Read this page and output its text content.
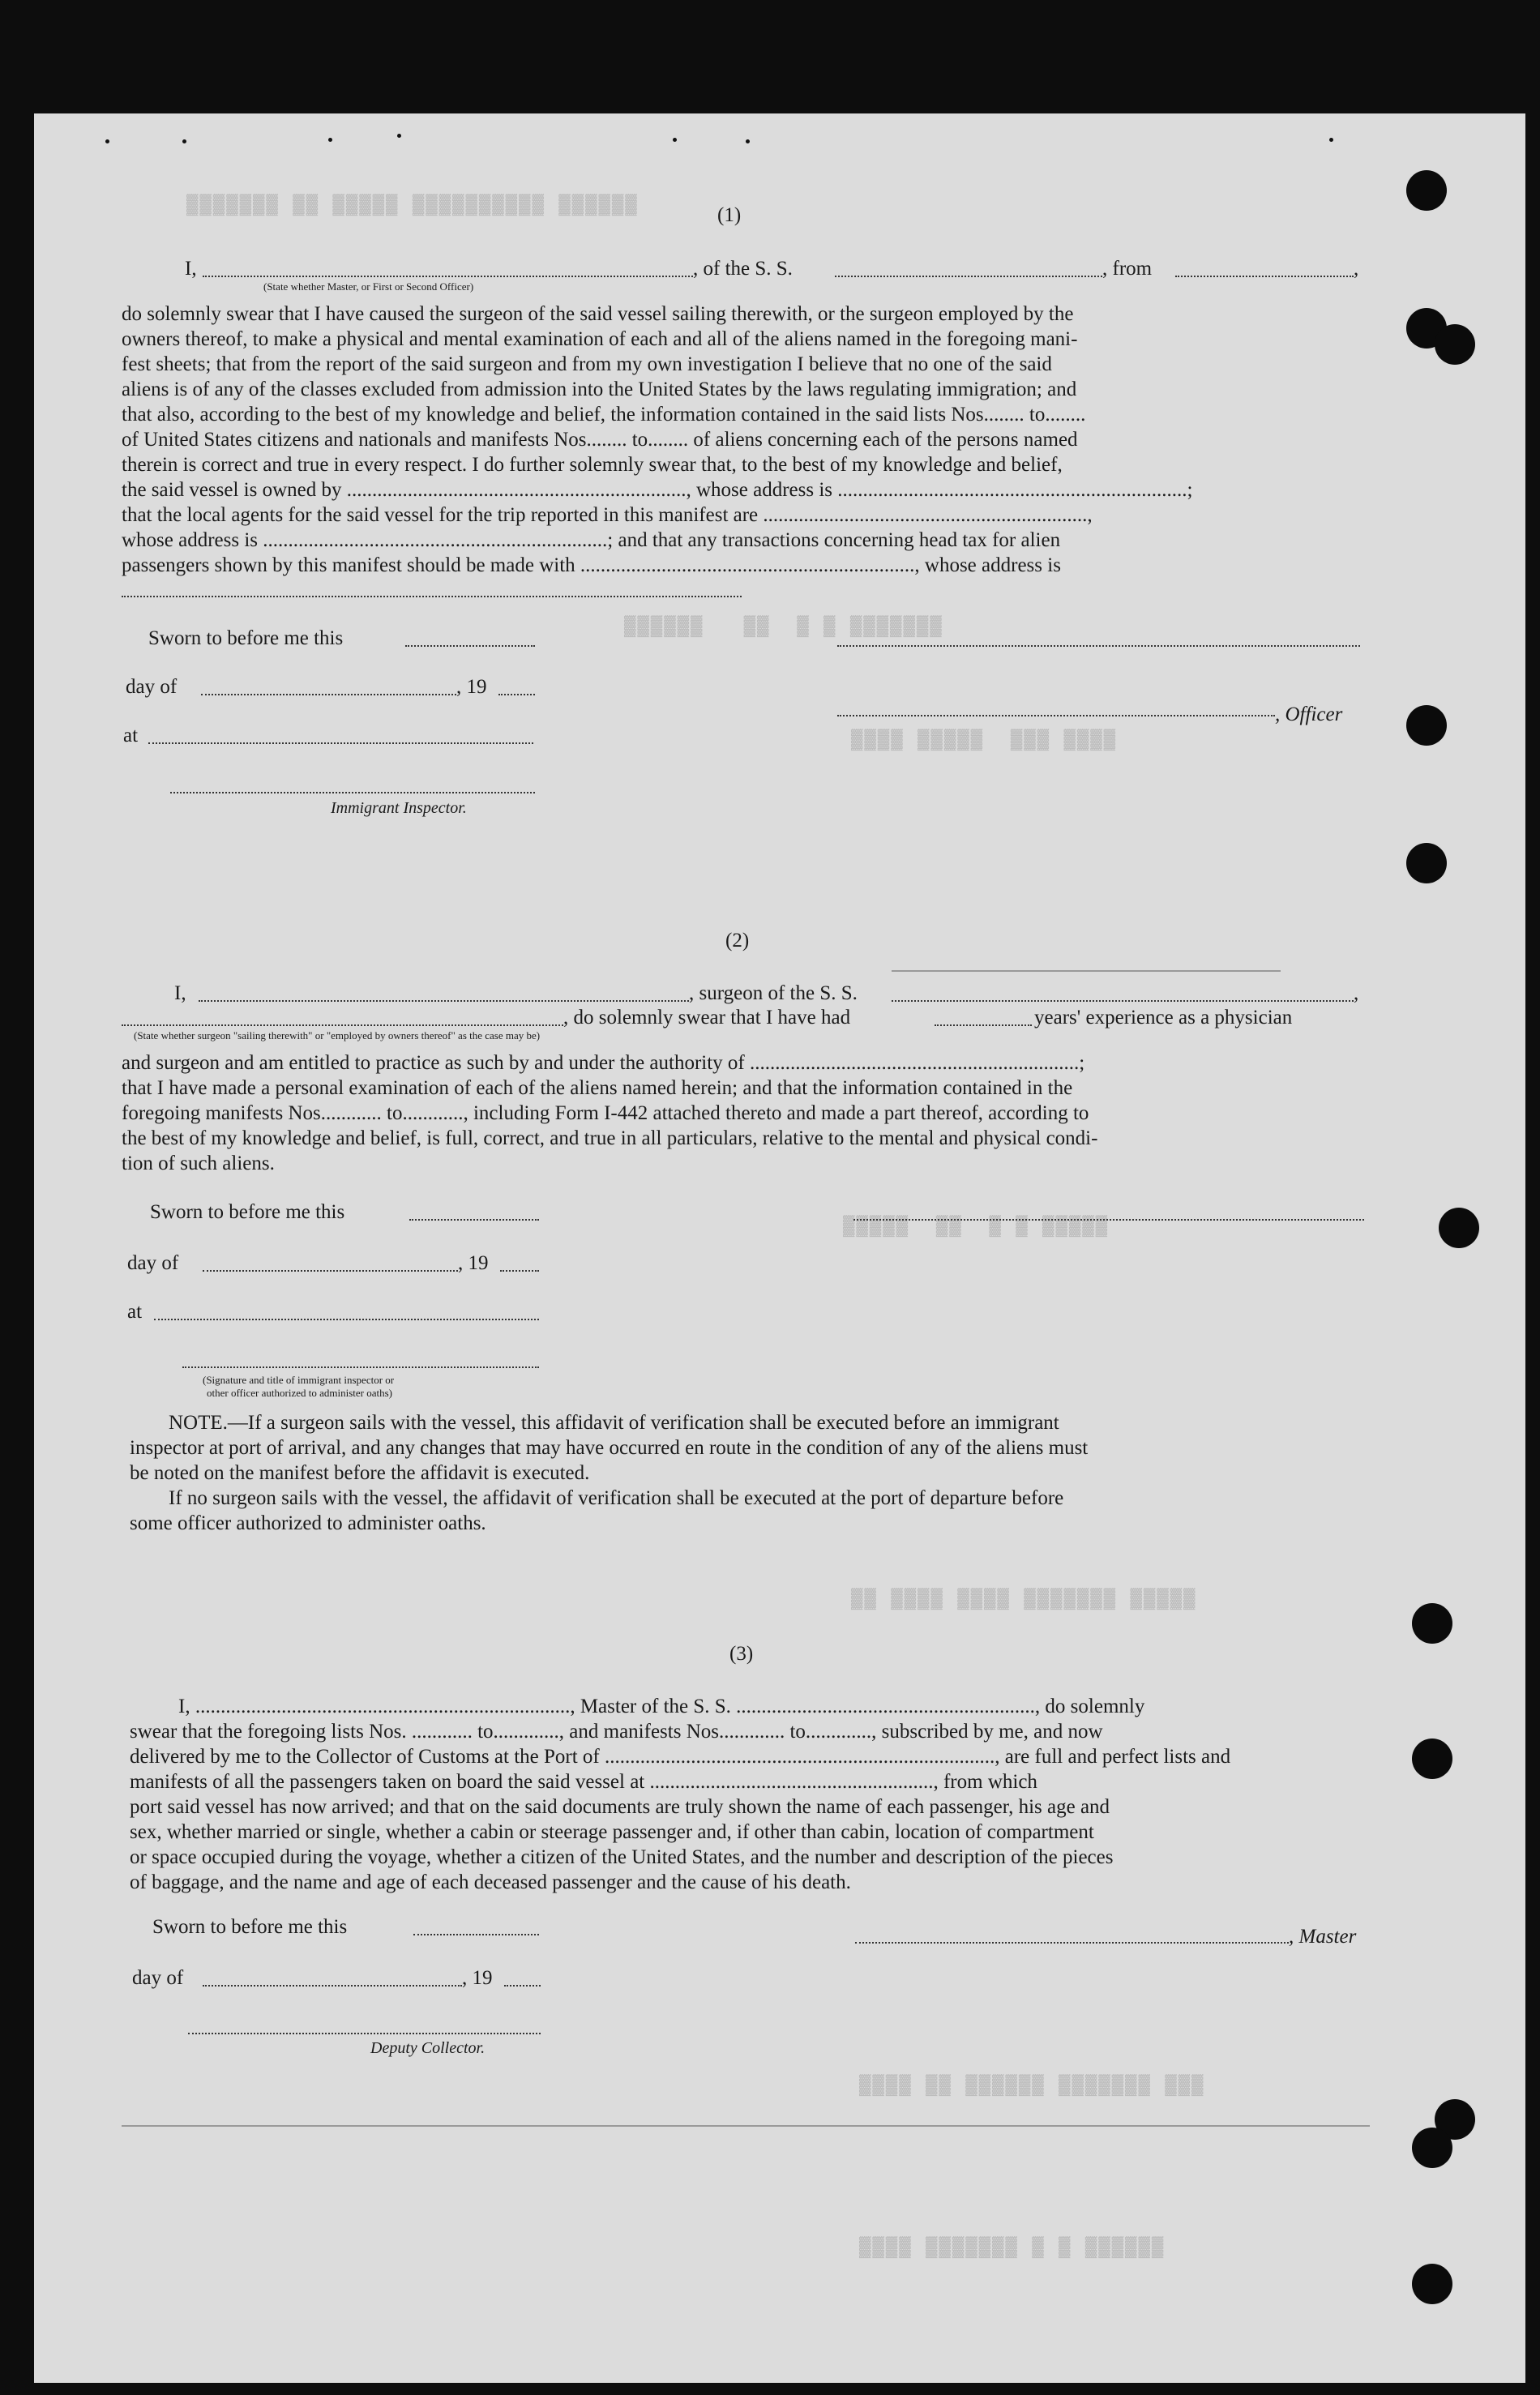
▓▓▓▓▓▓▓ ▓▓ ▓▓▓▓▓ ▓▓▓▓▓▓▓▓▓▓ ▓▓▓▓▓▓
▓▓▓▓▓▓   ▓▓  ▓ ▓ ▓▓▓▓▓▓▓
▓▓▓▓ ▓▓▓▓▓  ▓▓▓ ▓▓▓▓
▓▓▓▓▓  ▓▓  ▓ ▓ ▓▓▓▓▓
▓▓ ▓▓▓▓ ▓▓▓▓ ▓▓▓▓▓▓▓ ▓▓▓▓▓
▓▓▓▓ ▓▓ ▓▓▓▓▓▓ ▓▓▓▓▓▓▓ ▓▓▓
▓▓▓▓ ▓▓▓▓▓▓▓ ▓ ▓ ▓▓▓▓▓▓
(1)
I,	, of the S. S.	, from	,
(State whether Master, or First or Second Officer)
do solemnly swear that I have caused the surgeon of the said vessel sailing therewith, or the surgeon employed by the
owners thereof, to make a physical and mental examination of each and all of the aliens named in the foregoing mani-
fest sheets; that from the report of the said surgeon and from my own investigation I believe that no one of the said
aliens is of any of the classes excluded from admission into the United States by the laws regulating immigration; and
that also, according to the best of my knowledge and belief, the information contained in the said lists Nos........ to........
of United States citizens and nationals and manifests Nos........ to........ of aliens concerning each of the persons named
therein is correct and true in every respect. I do further solemnly swear that, to the best of my knowledge and belief,
the said vessel is owned by ..................................................................., whose address is .....................................................................;
that the local agents for the said vessel for the trip reported in this manifest are ................................................................,
whose address is ....................................................................; and that any transactions concerning head tax for alien
passengers shown by this manifest should be made with .................................................................., whose address is
Sworn to before me this
day of	, 19
, Officer
at
Immigrant Inspector.
(2)
I,	, surgeon of the S. S.	,
, do solemnly swear that I have had	years' experience as a physician
(State whether surgeon "sailing therewith" or "employed by owners thereof" as the case may be)
and surgeon and am entitled to practice as such by and under the authority of .................................................................;
that I have made a personal examination of each of the aliens named herein; and that the information contained in the
foregoing manifests Nos............ to............, including Form I-442 attached thereto and made a part thereof, according to
the best of my knowledge and belief, is full, correct, and true in all particulars, relative to the mental and physical condi-
tion of such aliens.
Sworn to before me this
day of	, 19
at
(Signature and title of immigrant inspector or
other officer authorized to administer oaths)
NOTE.—If a surgeon sails with the vessel, this affidavit of verification shall be executed before an immigrant
inspector at port of arrival, and any changes that may have occurred en route in the condition of any of the aliens must
be noted on the manifest before the affidavit is executed.
If no surgeon sails with the vessel, the affidavit of verification shall be executed at the port of departure before
some officer authorized to administer oaths.
(3)
I, .........................................................................., Master of the S. S. ..........................................................., do solemnly
swear that the foregoing lists Nos. ............ to............., and manifests Nos............. to............., subscribed by me, and now
delivered by me to the Collector of Customs at the Port of ............................................................................., are full and perfect lists and
manifests of all the passengers taken on board the said vessel at ........................................................, from which
port said vessel has now arrived; and that on the said documents are truly shown the name of each passenger, his age and
sex, whether married or single, whether a cabin or steerage passenger and, if other than cabin, location of compartment
or space occupied during the voyage, whether a citizen of the United States, and the number and description of the pieces
of baggage, and the name and age of each deceased passenger and the cause of his death.
Sworn to before me this	, Master
day of	, 19
Deputy Collector.
